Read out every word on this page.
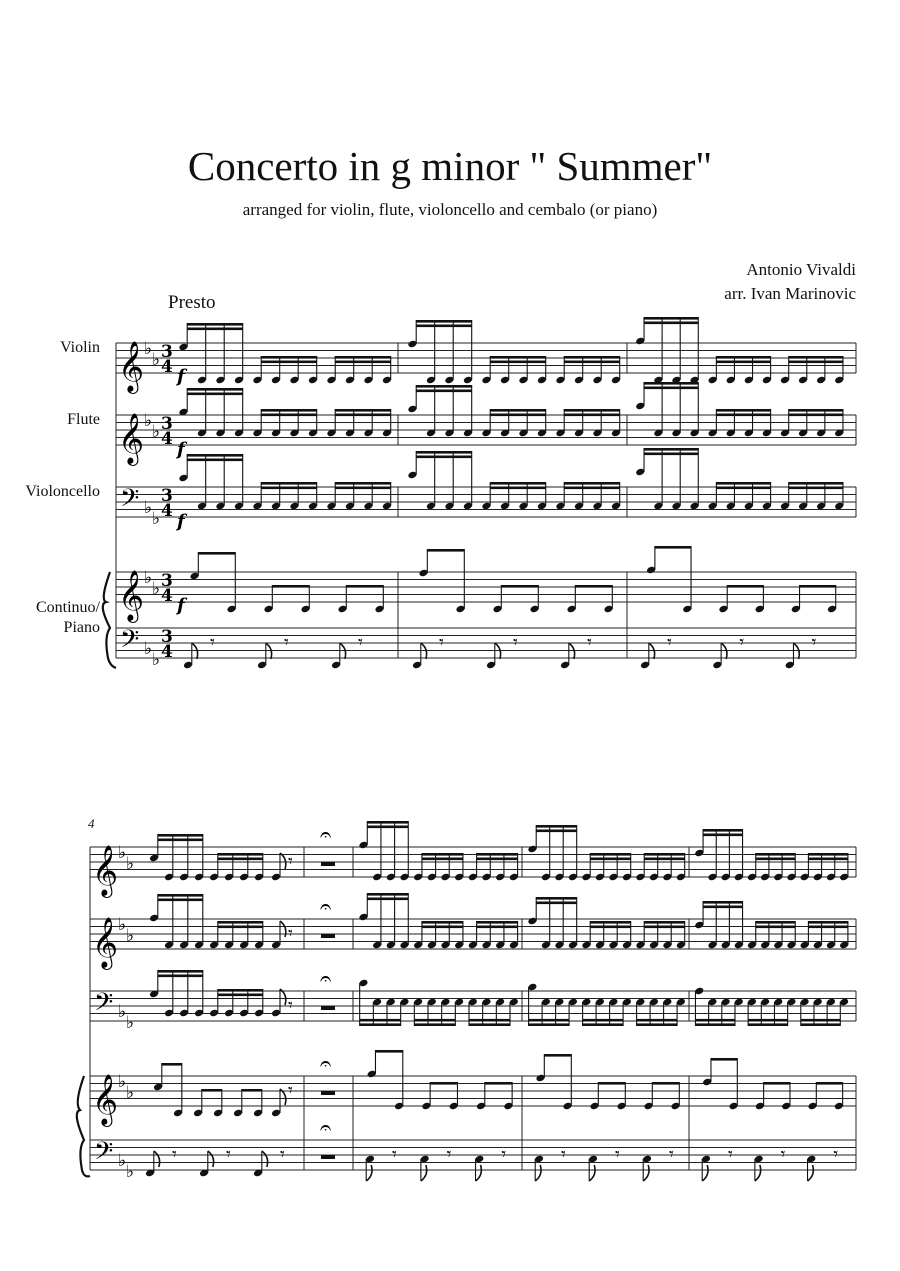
Concerto in g minor " Summer"
arranged for violin, flute, violoncello and cembalo (or piano)
Antonio Vivaldi
arr. Ivan Marinovic
Presto
Violin
Flute
Violoncello
Continuo/
Piano
4
𝄞 ♭
♭ 3
4
𝄞 ♭
♭ 3
4
𝄢 ♭
♭
3
4
𝄞 ♭
♭ 3
4
𝄢 ♭
♭
3
4 𝄾	𝄾	𝄾	𝄾	𝄾	𝄾	𝄾	𝄾	𝄾
f
f
f
f
𝄞 ♭
♭
𝄞 ♭
♭
𝄢 ♭
♭
𝄞 ♭
♭
𝄢 ♭
♭
𝄾
𝄾
𝄾
𝄾
𝄾	𝄾	𝄾
𝄐
𝄐
𝄐
𝄐
𝄐
𝄾	𝄾	𝄾	𝄾	𝄾	𝄾	𝄾	𝄾	𝄾
